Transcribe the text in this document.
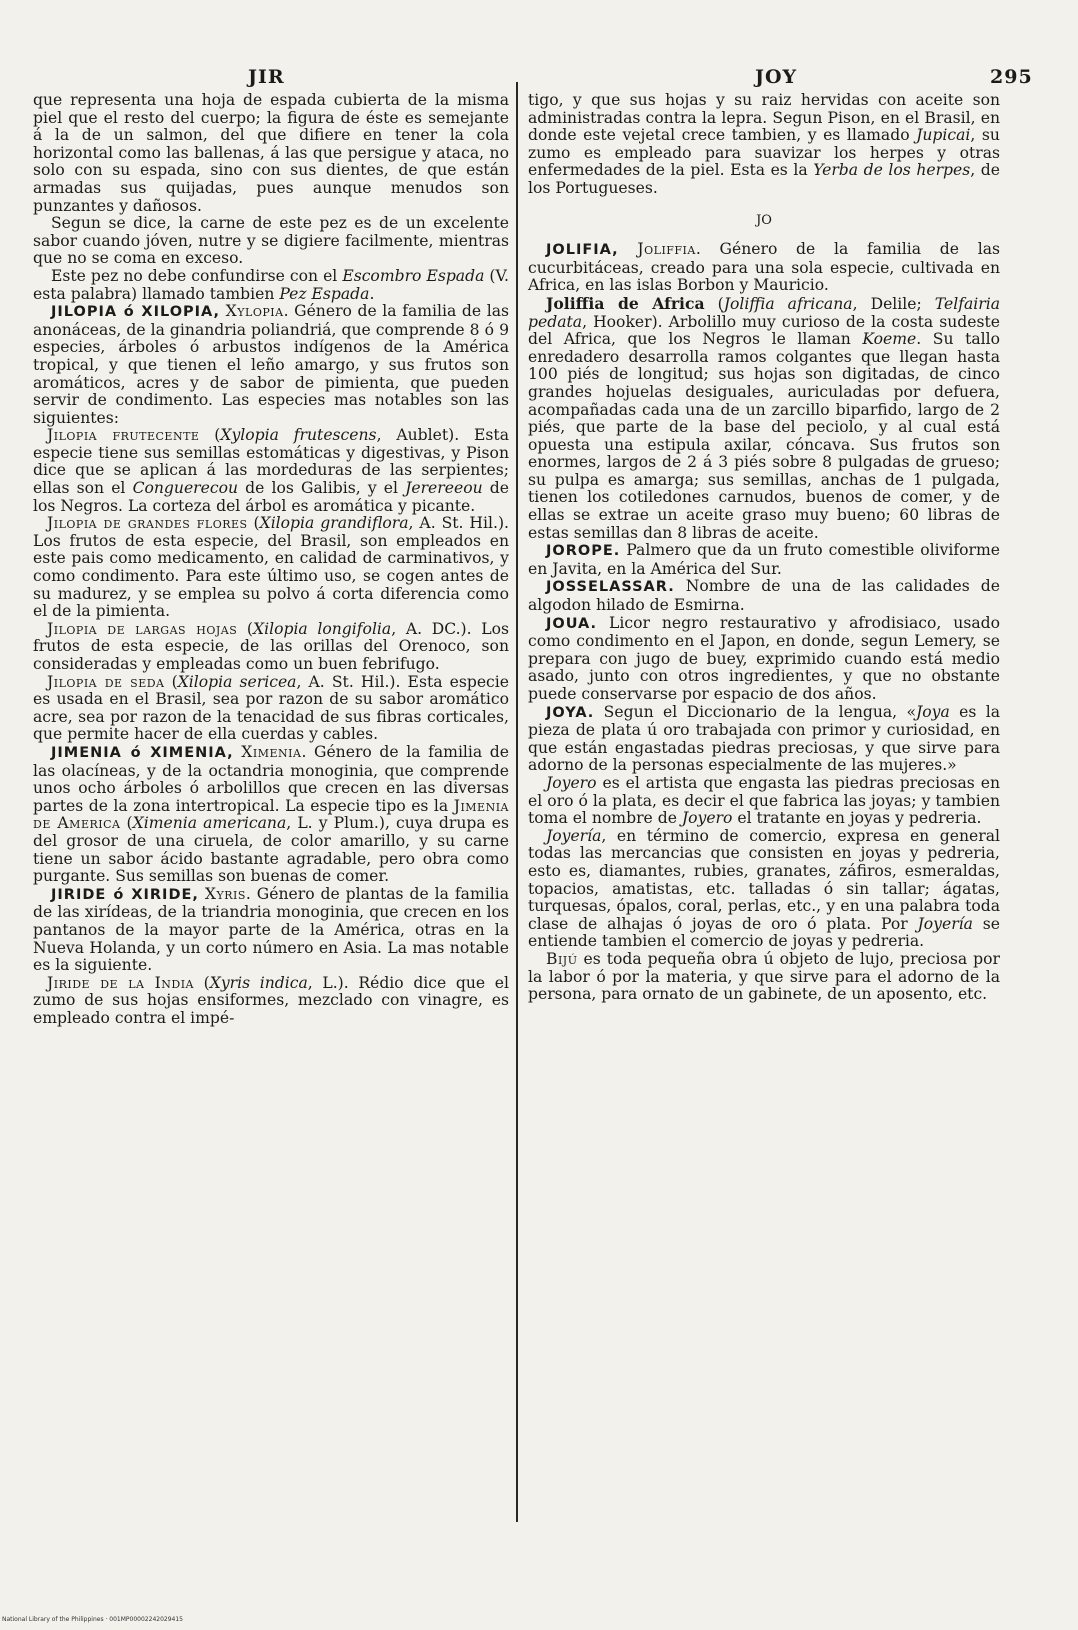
JIR	JOY	295

que representa una hoja de espada cubierta de la misma piel que el resto del cuerpo; la figura de éste es semejante á la de un salmon, del que difiere en tener la cola horizontal como las ballenas, á las que persigue y ataca, no solo con su espada, sino con sus dientes, de que están armadas sus quijadas, pues aunque menudos son punzantes y dañosos.

Segun se dice, la carne de este pez es de un excelente sabor cuando jóven, nutre y se digiere facilmente, mientras que no se coma en exceso.

Este pez no debe confundirse con el Escombro Espada (V. esta palabra) llamado tambien Pez Espada.

JILOPIA ó XILOPIA, Xylopia. Género de la familia de las anonáceas, de la ginandria poliandriá, que comprende 8 ó 9 especies, árboles ó arbustos indígenos de la América tropical, y que tienen el leño amargo, y sus frutos son aromáticos, acres y de sabor de pimienta, que pueden servir de condimento. Las especies mas notables son las siguientes:

Jilopia frutecente (Xylopia frutescens, Aublet). Esta especie tiene sus semillas estomáticas y digestivas, y Pison dice que se aplican á las mordeduras de las serpientes; ellas son el Conguerecou de los Galibis, y el Jerereeou de los Negros. La corteza del árbol es aromática y picante.

Jilopia de grandes flores (Xilopia grandiflora, A. St. Hil.). Los frutos de esta especie, del Brasil, son empleados en este pais como medicamento, en calidad de carminativos, y como condimento. Para este último uso, se cogen antes de su madurez, y se emplea su polvo á corta diferencia como el de la pimienta.

Jilopia de largas hojas (Xilopia longifolia, A. DC.). Los frutos de esta especie, de las orillas del Orenoco, son consideradas y empleadas como un buen febrifugo.

Jilopia de seda (Xilopia sericea, A. St. Hil.). Esta especie es usada en el Brasil, sea por razon de su sabor aromático acre, sea por razon de la tenacidad de sus fibras corticales, que permite hacer de ella cuerdas y cables.

JIMENIA ó XIMENIA, Ximenia. Género de la familia de las olacíneas, y de la octandria monoginia, que comprende unos ocho árboles ó arbolillos que crecen en las diversas partes de la zona intertropical. La especie tipo es la Jimenia de America (Ximenia americana, L. y Plum.), cuya drupa es del grosor de una ciruela, de color amarillo, y su carne tiene un sabor ácido bastante agradable, pero obra como purgante. Sus semillas son buenas de comer.

JIRIDE ó XIRIDE, Xyris. Género de plantas de la familia de las xirídeas, de la triandria monoginia, que crecen en los pantanos de la mayor parte de la América, otras en la Nueva Holanda, y un corto número en Asia. La mas notable es la siguiente.

Jiride de la India (Xyris indica, L.). Rédio dice que el zumo de sus hojas ensiformes, mezclado con vinagre, es empleado contra el impé-

tigo, y que sus hojas y su raiz hervidas con aceite son administradas contra la lepra. Segun Pison, en el Brasil, en donde este vejetal crece tambien, y es llamado Jupicai, su zumo es empleado para suavizar los herpes y otras enfermedades de la piel. Esta es la Yerba de los herpes, de los Portugueses.

JO

JOLIFIA, Joliffia. Género de la familia de las cucurbitáceas, creado para una sola especie, cultivada en Africa, en las islas Borbon y Mauricio.

Joliffia de Africa (Joliffia africana, Delile; Telfairia pedata, Hooker). Arbolillo muy curioso de la costa sudeste del Africa, que los Negros le llaman Koeme. Su tallo enredadero desarrolla ramos colgantes que llegan hasta 100 piés de longitud; sus hojas son digitadas, de cinco grandes hojuelas desiguales, auriculadas por defuera, acompañadas cada una de un zarcillo biparfido, largo de 2 piés, que parte de la base del peciolo, y al cual está opuesta una estipula axilar, cóncava. Sus frutos son enormes, largos de 2 á 3 piés sobre 8 pulgadas de grueso; su pulpa es amarga; sus semillas, anchas de 1 pulgada, tienen los cotiledones carnudos, buenos de comer, y de ellas se extrae un aceite graso muy bueno; 60 libras de estas semillas dan 8 libras de aceite.

JOROPE. Palmero que da un fruto comestible oliviforme en Javita, en la América del Sur.

JOSSELASSAR. Nombre de una de las calidades de algodon hilado de Esmirna.

JOUA. Licor negro restaurativo y afrodisiaco, usado como condimento en el Japon, en donde, segun Lemery, se prepara con jugo de buey, exprimido cuando está medio asado, junto con otros ingredientes, y que no obstante puede conservarse por espacio de dos años.

JOYA. Segun el Diccionario de la lengua, «Joya es la pieza de plata ú oro trabajada con primor y curiosidad, en que están engastadas piedras preciosas, y que sirve para adorno de la personas especialmente de las mujeres.»

Joyero es el artista que engasta las piedras preciosas en el oro ó la plata, es decir el que fabrica las joyas; y tambien toma el nombre de Joyero el tratante en joyas y pedreria.

Joyería, en término de comercio, expresa en general todas las mercancias que consisten en joyas y pedreria, esto es, diamantes, rubies, granates, záfiros, esmeraldas, topacios, amatistas, etc. talladas ó sin tallar; ágatas, turquesas, ópalos, coral, perlas, etc., y en una palabra toda clase de alhajas ó joyas de oro ó plata. Por Joyería se entiende tambien el comercio de joyas y pedreria.

Bijú es toda pequeña obra ú objeto de lujo, preciosa por la labor ó por la materia, y que sirve para el adorno de la persona, para ornato de un gabinete, de un aposento, etc.

National Library of the Philippines · 001MP00002242029415
